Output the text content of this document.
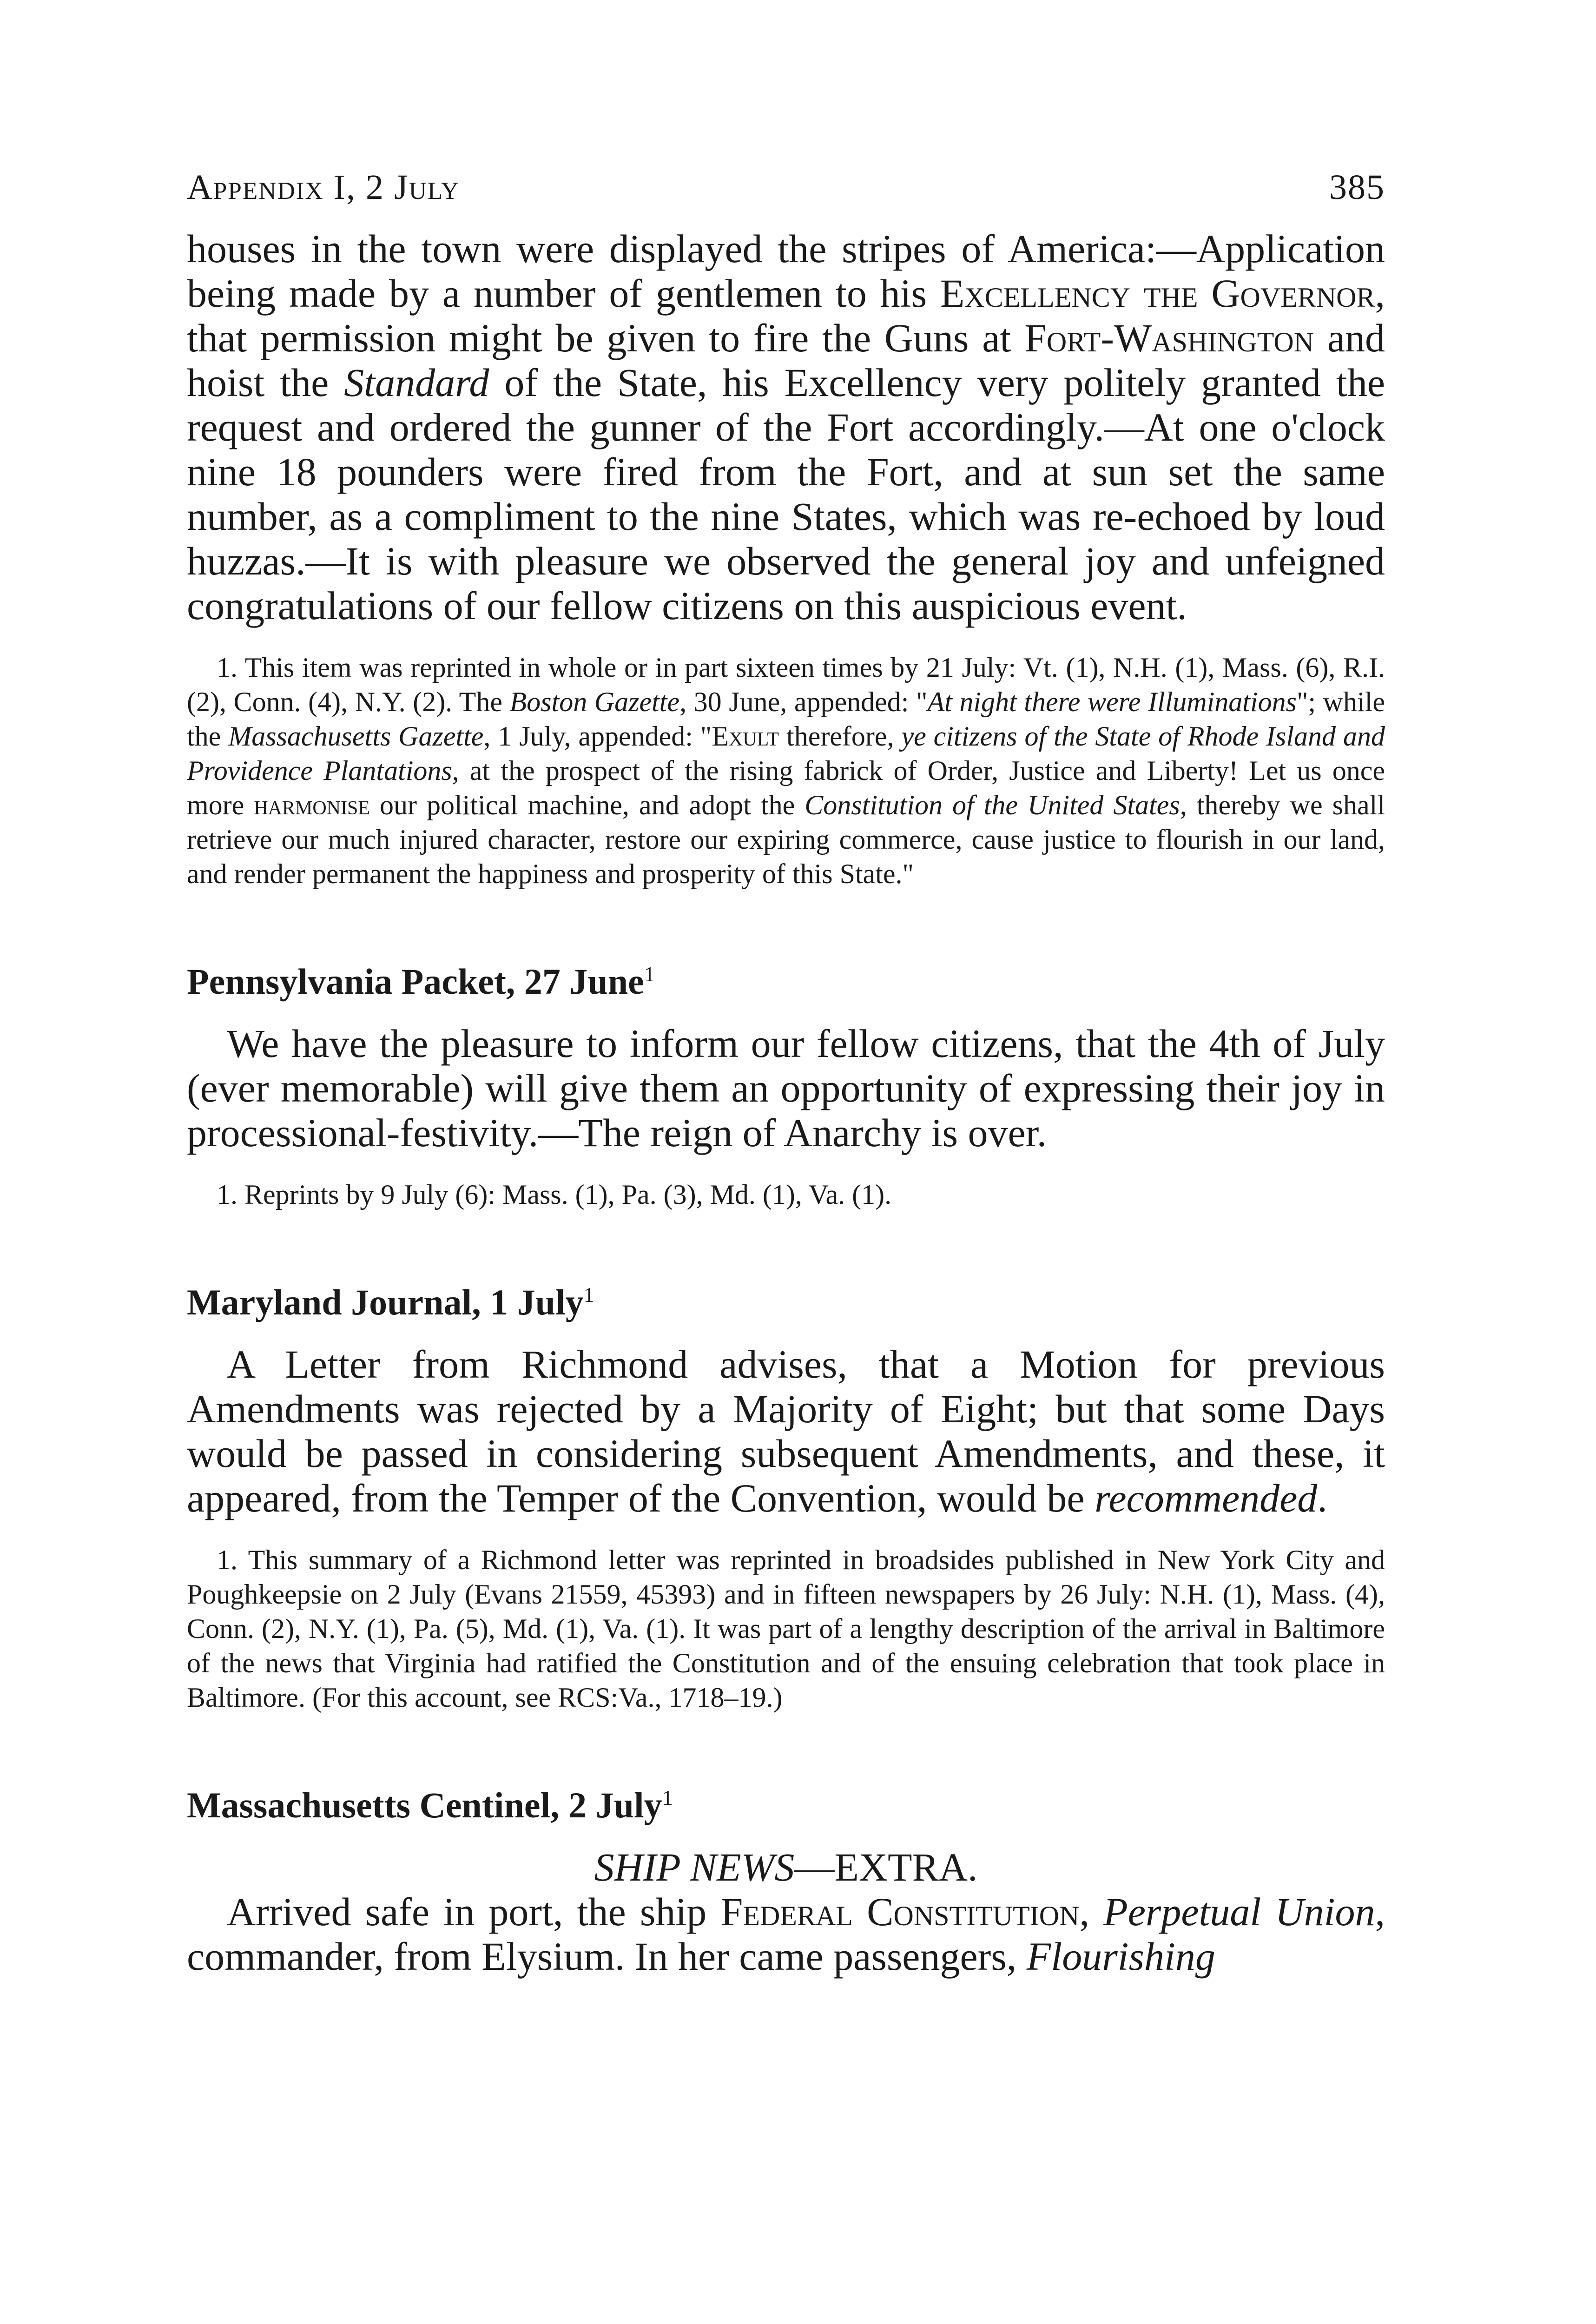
Appendix I, 2 July	385

houses in the town were displayed the stripes of America:—Application being made by a number of gentlemen to his Excellency the Governor, that permission might be given to fire the Guns at Fort-Washington and hoist the Standard of the State, his Excellency very politely granted the request and ordered the gunner of the Fort accordingly.—At one o'clock nine 18 pounders were fired from the Fort, and at sun set the same number, as a compliment to the nine States, which was re-echoed by loud huzzas.—It is with pleasure we observed the general joy and unfeigned congratulations of our fellow citizens on this auspicious event.

1. This item was reprinted in whole or in part sixteen times by 21 July: Vt. (1), N.H. (1), Mass. (6), R.I. (2), Conn. (4), N.Y. (2). The Boston Gazette, 30 June, appended: "At night there were Illuminations"; while the Massachusetts Gazette, 1 July, appended: "Exult therefore, ye citizens of the State of Rhode Island and Providence Plantations, at the prospect of the rising fabrick of Order, Justice and Liberty! Let us once more harmonise our political machine, and adopt the Constitution of the United States, thereby we shall retrieve our much injured character, restore our expiring commerce, cause justice to flourish in our land, and render permanent the happiness and prosperity of this State."

Pennsylvania Packet, 27 June$^1$

We have the pleasure to inform our fellow citizens, that the 4th of July (ever memorable) will give them an opportunity of expressing their joy in processional-festivity.—The reign of Anarchy is over.

1. Reprints by 9 July (6): Mass. (1), Pa. (3), Md. (1), Va. (1).

Maryland Journal, 1 July$^1$

A Letter from Richmond advises, that a Motion for previous Amendments was rejected by a Majority of Eight; but that some Days would be passed in considering subsequent Amendments, and these, it appeared, from the Temper of the Convention, would be recommended.

1. This summary of a Richmond letter was reprinted in broadsides published in New York City and Poughkeepsie on 2 July (Evans 21559, 45393) and in fifteen newspapers by 26 July: N.H. (1), Mass. (4), Conn. (2), N.Y. (1), Pa. (5), Md. (1), Va. (1). It was part of a lengthy description of the arrival in Baltimore of the news that Virginia had ratified the Constitution and of the ensuing celebration that took place in Baltimore. (For this account, see RCS:Va., 1718–19.)

Massachusetts Centinel, 2 July$^1$

SHIP NEWS—EXTRA.

Arrived safe in port, the ship Federal Constitution, Perpetual Union, commander, from Elysium. In her came passengers, Flourishing
